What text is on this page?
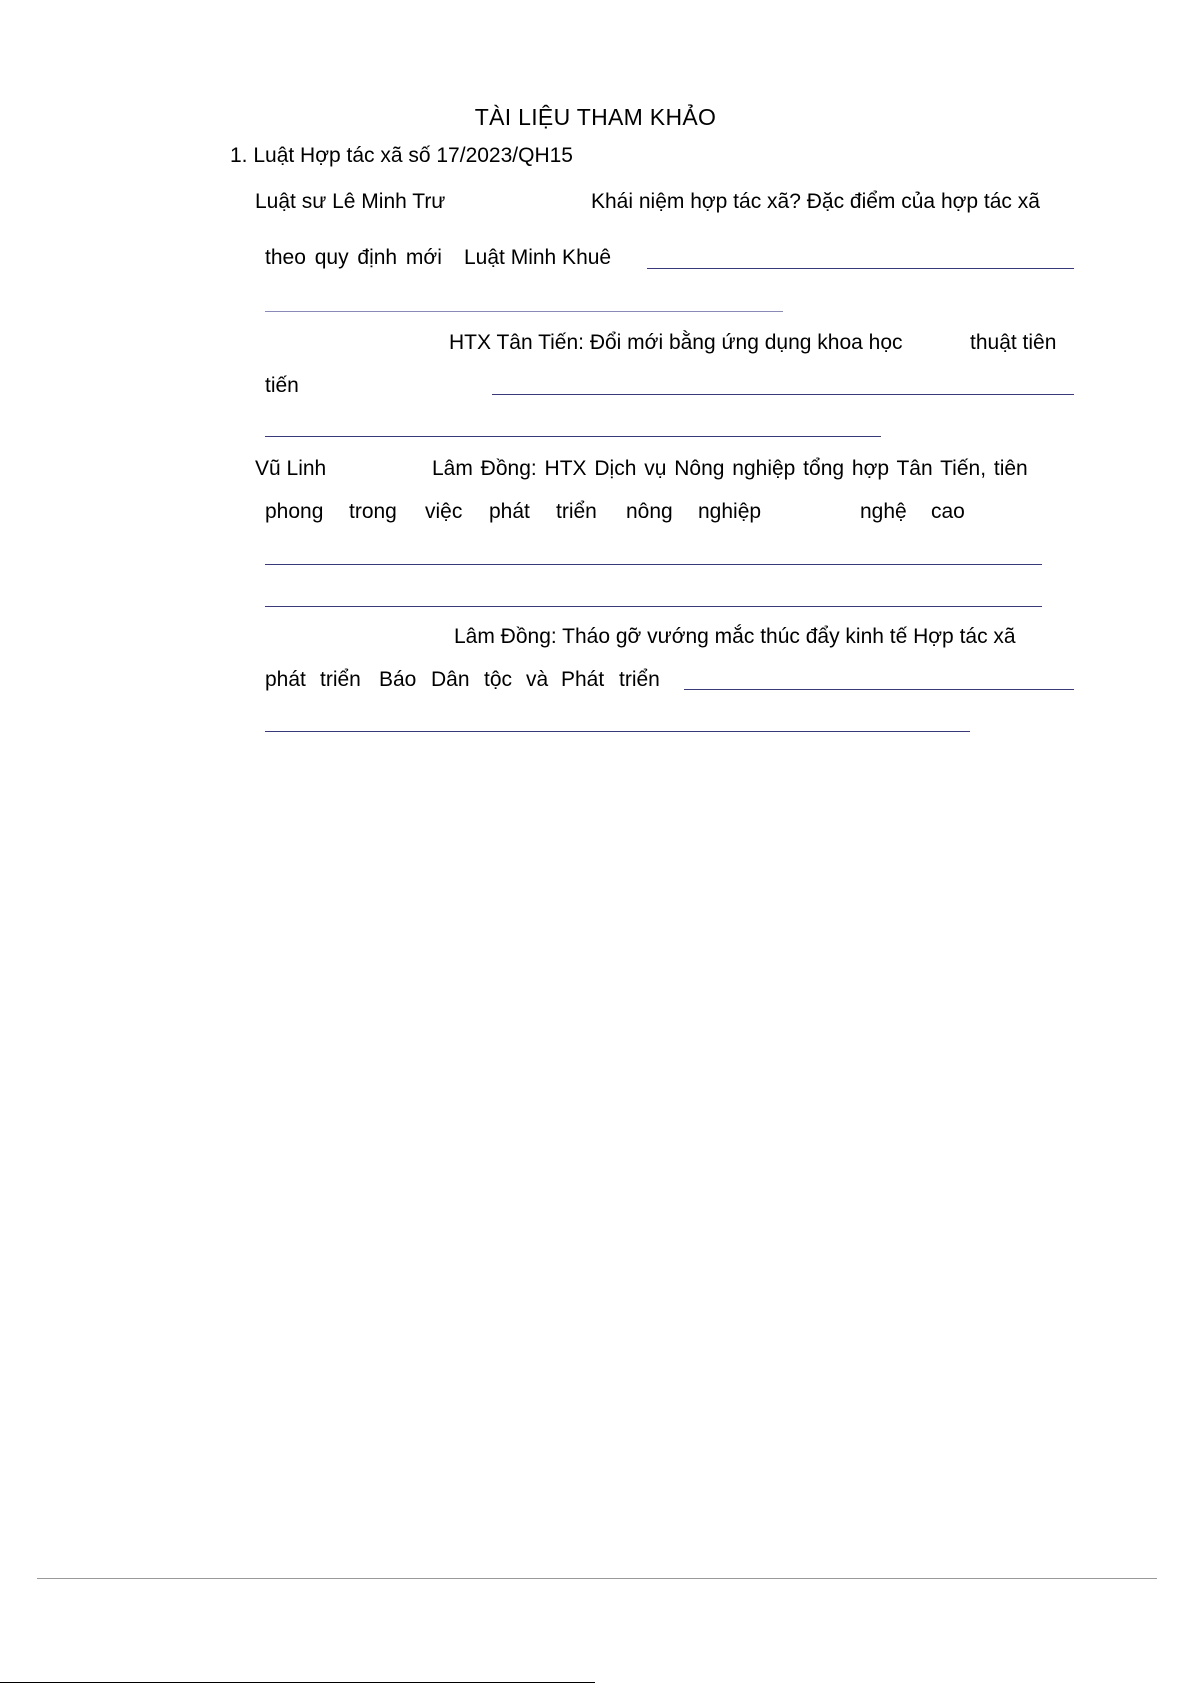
TÀI LIỆU THAM KHẢO
1. Luật Hợp tác xã số 17/2023/QH15
Luật sư Lê Minh Trư	Khái niệm hợp tác xã? Đặc điểm của hợp tác xã
theo quy định mới Luật Minh Khuê
HTX Tân Tiến: Đổi mới bằng ứng dụng khoa học	thuật tiên
tiến
Vũ Linh	Lâm Đồng: HTX Dịch vụ Nông nghiệp tổng hợp Tân Tiến, tiên
phong trong việc phát triển nông nghiệp	nghệ cao
Lâm Đồng: Tháo gỡ vướng mắc thúc đẩy kinh tế Hợp tác xã
phát triển Báo Dân tộc và Phát triển
